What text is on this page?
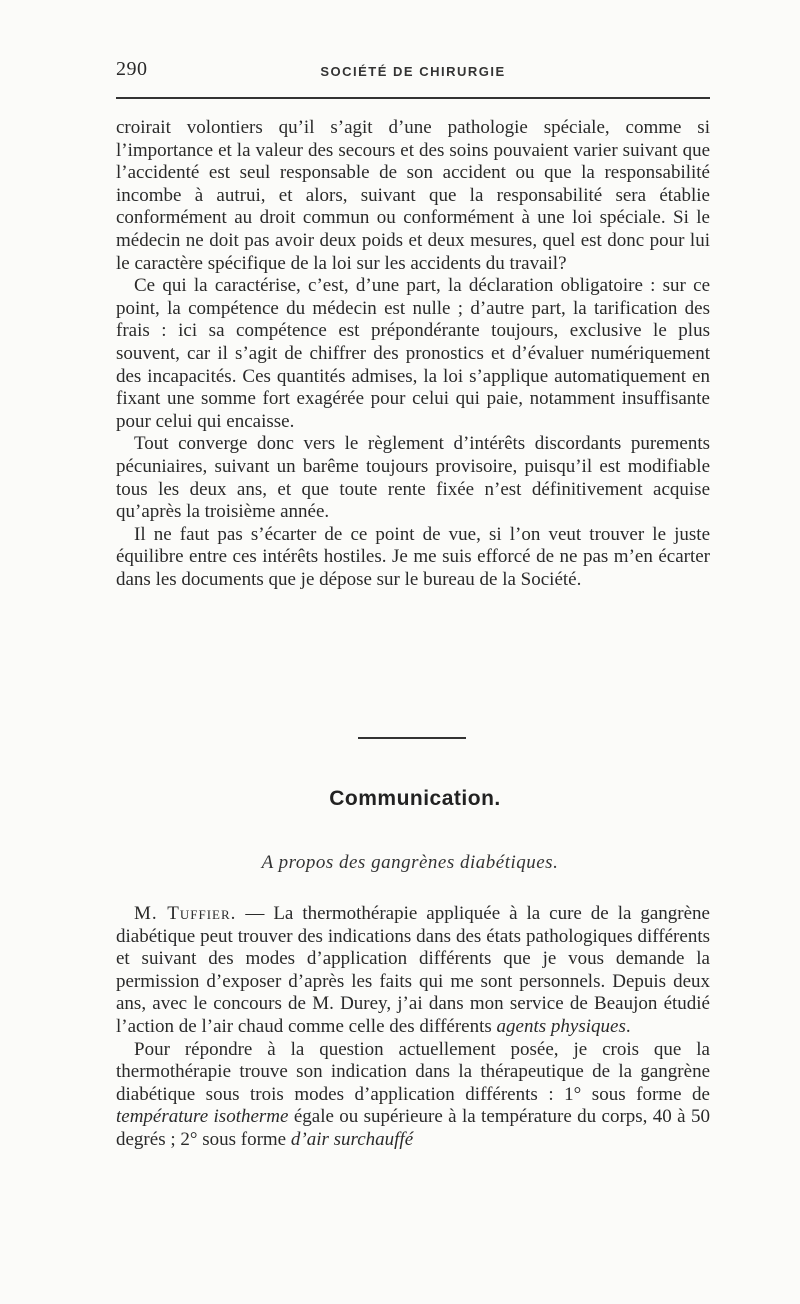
290	SOCIÉTÉ DE CHIRURGIE

croirait volontiers qu’il s’agit d’une pathologie spéciale, comme si l’importance et la valeur des secours et des soins pouvaient varier suivant que l’accidenté est seul responsable de son accident ou que la responsabilité incombe à autrui, et alors, suivant que la responsabilité sera établie conformément au droit commun ou conformément à une loi spéciale. Si le médecin ne doit pas avoir deux poids et deux mesures, quel est donc pour lui le caractère spécifique de la loi sur les accidents du travail?

Ce qui la caractérise, c’est, d’une part, la déclaration obligatoire : sur ce point, la compétence du médecin est nulle ; d’autre part, la tarification des frais : ici sa compétence est prépondérante toujours, exclusive le plus souvent, car il s’agit de chiffrer des pronostics et d’évaluer numériquement des incapacités. Ces quantités admises, la loi s’applique automatiquement en fixant une somme fort exagérée pour celui qui paie, notamment insuffisante pour celui qui encaisse.

Tout converge donc vers le règlement d’intérêts discordants purements pécuniaires, suivant un barême toujours provisoire, puisqu’il est modifiable tous les deux ans, et que toute rente fixée n’est définitivement acquise qu’après la troisième année.

Il ne faut pas s’écarter de ce point de vue, si l’on veut trouver le juste équilibre entre ces intérêts hostiles. Je me suis efforcé de ne pas m’en écarter dans les documents que je dépose sur le bureau de la Société.

Communication.
A propos des gangrènes diabétiques.

M. Tuffier. — La thermothérapie appliquée à la cure de la gangrène diabétique peut trouver des indications dans des états pathologiques différents et suivant des modes d’application différents que je vous demande la permission d’exposer d’après les faits qui me sont personnels. Depuis deux ans, avec le concours de M. Durey, j’ai dans mon service de Beaujon étudié l’action de l’air chaud comme celle des différents agents physiques.

Pour répondre à la question actuellement posée, je crois que la thermothérapie trouve son indication dans la thérapeutique de la gangrène diabétique sous trois modes d’application différents : 1° sous forme de température isotherme égale ou supérieure à la température du corps, 40 à 50 degrés ; 2° sous forme d’air surchauffé
